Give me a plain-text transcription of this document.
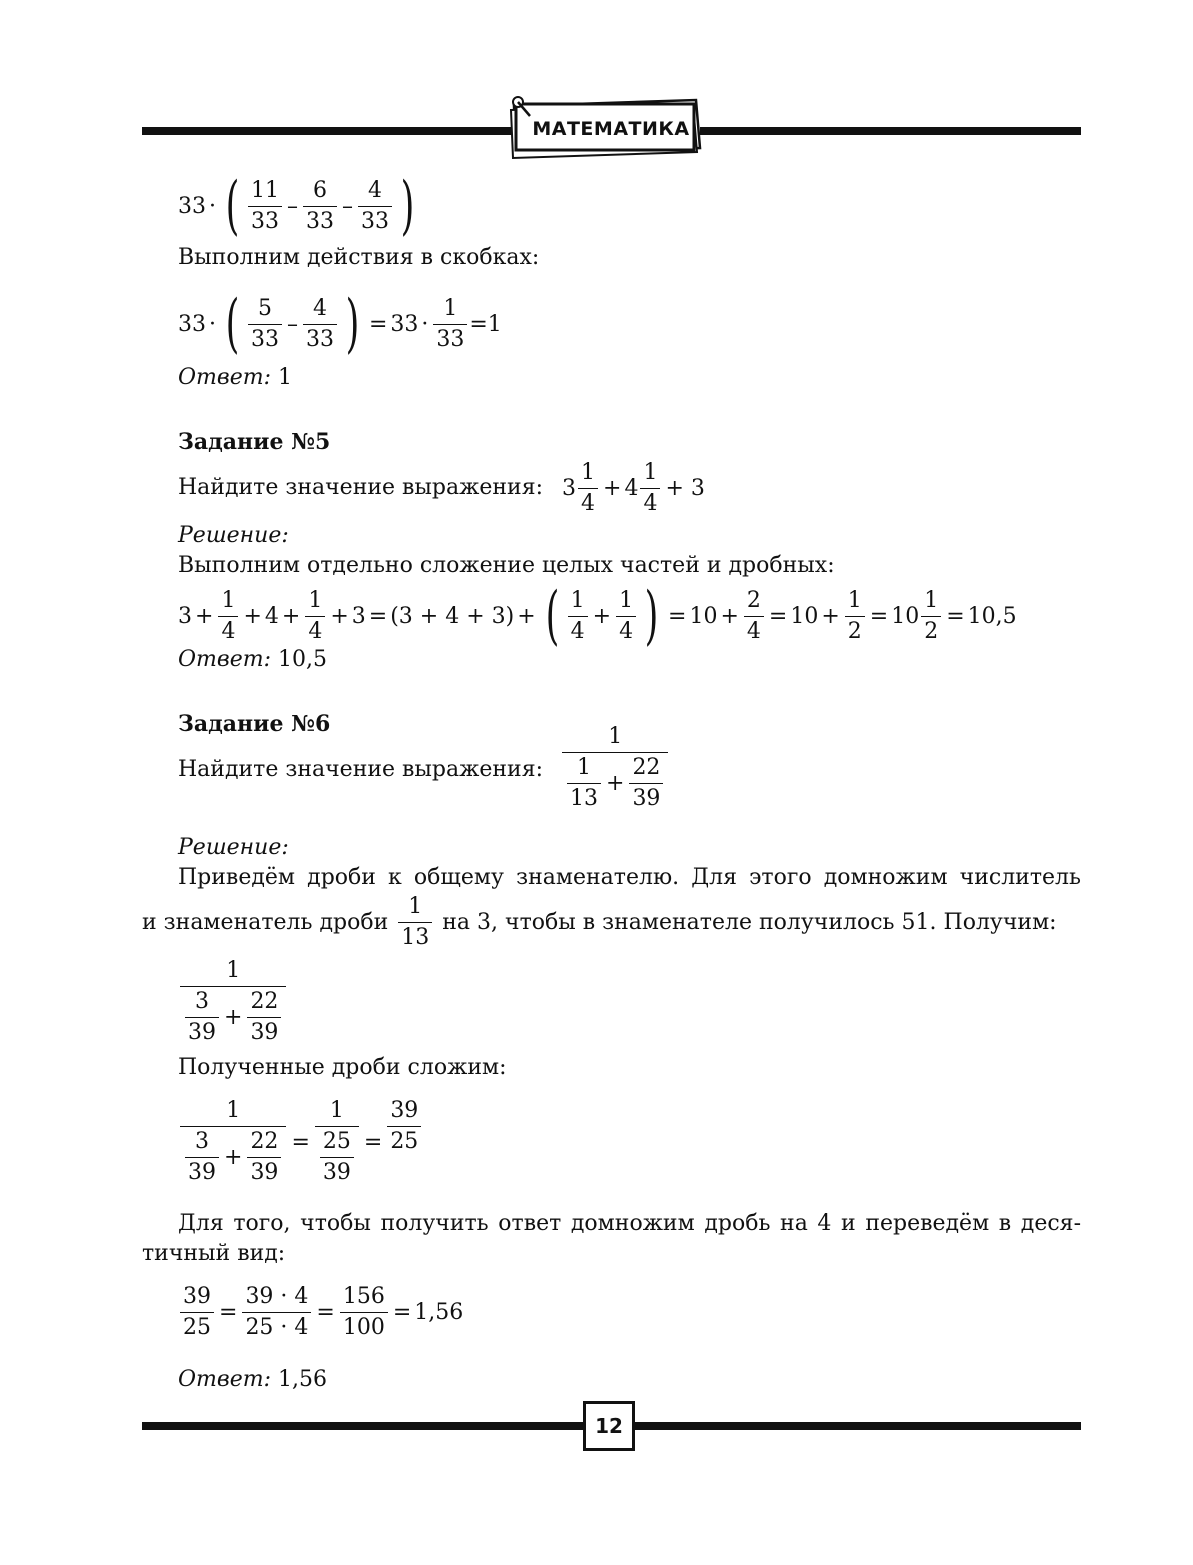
МАТЕМАТИКА
33 · ( $\frac{11}{33} - \frac{6}{33} - \frac{4}{33}$ )
Выполним действия в скобках:
33 · ( $\frac{5}{33} - \frac{4}{33}$ ) = $33 \cdot \frac{1}{33} =1$
Ответ: 1
Задание №5
Найдите значение выражения: $3 \frac{1}{4} + 4 \frac{1}{4} + 3$
Решение:
Выполним отдельно сложение целых частей и дробных:
$3 + \frac{1}{4} + 4 + \frac{1}{4} + 3$ = ( 3 + 4 + 3 ) + ( $\frac{1}{4} + \frac{1}{4}$ ) = $10 + \frac{2}{4} = 10 + \frac{1}{2} = 10 \frac{1}{2} = 10,5$
Ответ: 10,5
Задание №6
Найдите значение выражения: $\frac{1}{\frac{1}{13} + \frac{22}{39}}$
Решение:
Приведём дроби к общему знаменателю. Для этого домножим числитель
и знаменатель дроби $\frac{1}{13}$ на 3, чтобы в знаменателе получилось 51. Получим:
$\frac{1}{\frac{3}{39} + \frac{22}{39}}$
Полученные дроби сложим:
$\frac{1}{\frac{3}{39} + \frac{22}{39}} = \frac{1}{\frac{25}{39}} = \frac{39}{25}$
Для того, чтобы получить ответ домножим дробь на 4 и переведём в деся-
тичный вид:
$\frac{39}{25} = \frac{39 \cdot 4}{25 \cdot 4} = \frac{156}{100} = 1,56$
Ответ: 1,56
12
